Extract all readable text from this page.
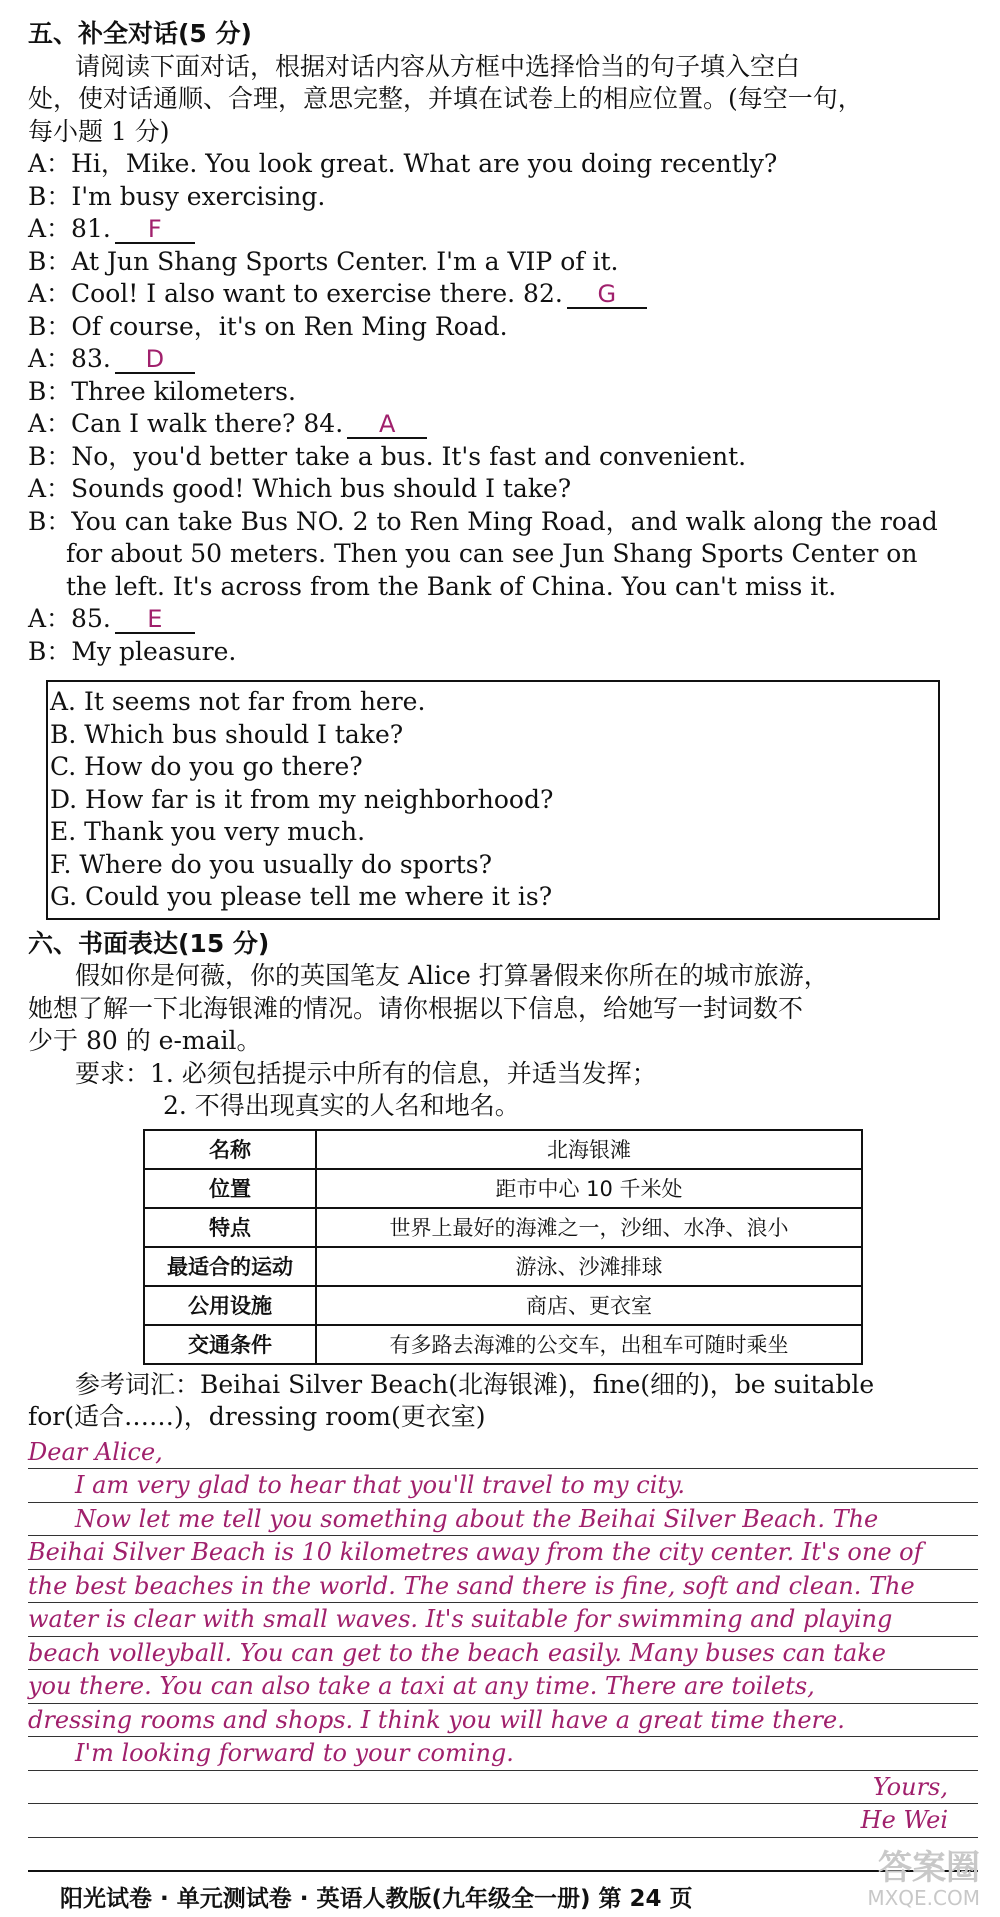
五、补全对话(5 分)
请阅读下面对话，根据对话内容从方框中选择恰当的句子填入空白
处，使对话通顺、合理，意思完整，并填在试卷上的相应位置。(每空一句，
每小题 1 分)
A：Hi，Mike. You look great. What are you doing recently?
B：I'm busy exercising.
A：81. F
B：At Jun Shang Sports Center. I'm a VIP of it.
A：Cool! I also want to exercise there. 82. G
B：Of course，it's on Ren Ming Road.
A：83. D
B：Three kilometers.
A：Can I walk there? 84. A
B：No，you'd better take a bus. It's fast and convenient.
A：Sounds good! Which bus should I take?
B：You can take Bus NO. 2 to Ren Ming Road，and walk along the road
for about 50 meters. Then you can see Jun Shang Sports Center on
the left. It's across from the Bank of China. You can't miss it.
A：85. E
B：My pleasure.
A. It seems not far from here.
B. Which bus should I take?
C. How do you go there?
D. How far is it from my neighborhood?
E. Thank you very much.
F. Where do you usually do sports?
G. Could you please tell me where it is?
六、书面表达(15 分)
假如你是何薇，你的英国笔友 Alice 打算暑假来你所在的城市旅游，
她想了解一下北海银滩的情况。请你根据以下信息，给她写一封词数不
少于 80 的 e-mail。
要求：1. 必须包括提示中所有的信息，并适当发挥；
2. 不得出现真实的人名和地名。
名称	北海银滩
位置	距市中心 10 千米处
特点	世界上最好的海滩之一，沙细、水净、浪小
最适合的运动	游泳、沙滩排球
公用设施	商店、更衣室
交通条件	有多路去海滩的公交车，出租车可随时乘坐
参考词汇：Beihai Silver Beach(北海银滩)，fine(细的)，be suitable
for(适合……)，dressing room(更衣室)
Dear Alice,
I am very glad to hear that you'll travel to my city.
Now let me tell you something about the Beihai Silver Beach. The
Beihai Silver Beach is 10 kilometres away from the city center. It's one of
the best beaches in the world. The sand there is fine, soft and clean. The
water is clear with small waves. It's suitable for swimming and playing
beach volleyball. You can get to the beach easily. Many buses can take
you there. You can also take a taxi at any time. There are toilets,
dressing rooms and shops. I think you will have a great time there.
I'm looking forward to your coming.
Yours,
He Wei
阳光试卷 · 单元测试卷 · 英语人教版(九年级全一册) 第 24 页
答案圈
MXQE.COM
